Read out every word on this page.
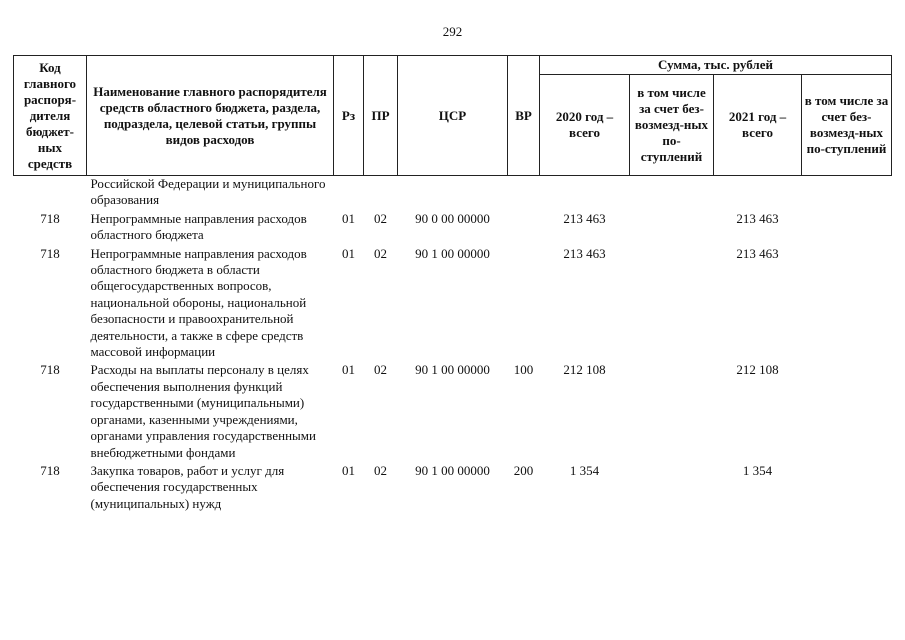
292
Код главного распоря-дителя бюджет-ных средств	Наименование главного распорядителя средств областного бюджета, раздела, подраздела, целевой статьи, группы видов расходов	Рз	ПР	ЦСР	ВР	Сумма, тыс. рублей			
						2020 год – всего	в том числе за счет без-возмезд-ных по-ступлений	2021 год – всего	в том числе за счет без-возмезд-ных по-ступлений
	Российской Федерации и муниципального образования								
718	Непрограммные направления расходов областного бюджета	01	02	90 0 00 00000		213 463		213 463	
718	Непрограммные направления расходов областного бюджета в области общегосударственных вопросов, национальной обороны, национальной безопасности и правоохранительной деятельности, а также в сфере средств массовой информации	01	02	90 1 00 00000		213 463		213 463	
718	Расходы на выплаты персоналу в целях обеспечения выполнения функций государственными (муниципальными) органами, казенными учреждениями, органами управления государственными внебюджетными фондами	01	02	90 1 00 00000	100	212 108		212 108	
718	Закупка товаров, работ и услуг для обеспечения государственных (муниципальных) нужд	01	02	90 1 00 00000	200	1 354		1 354	
